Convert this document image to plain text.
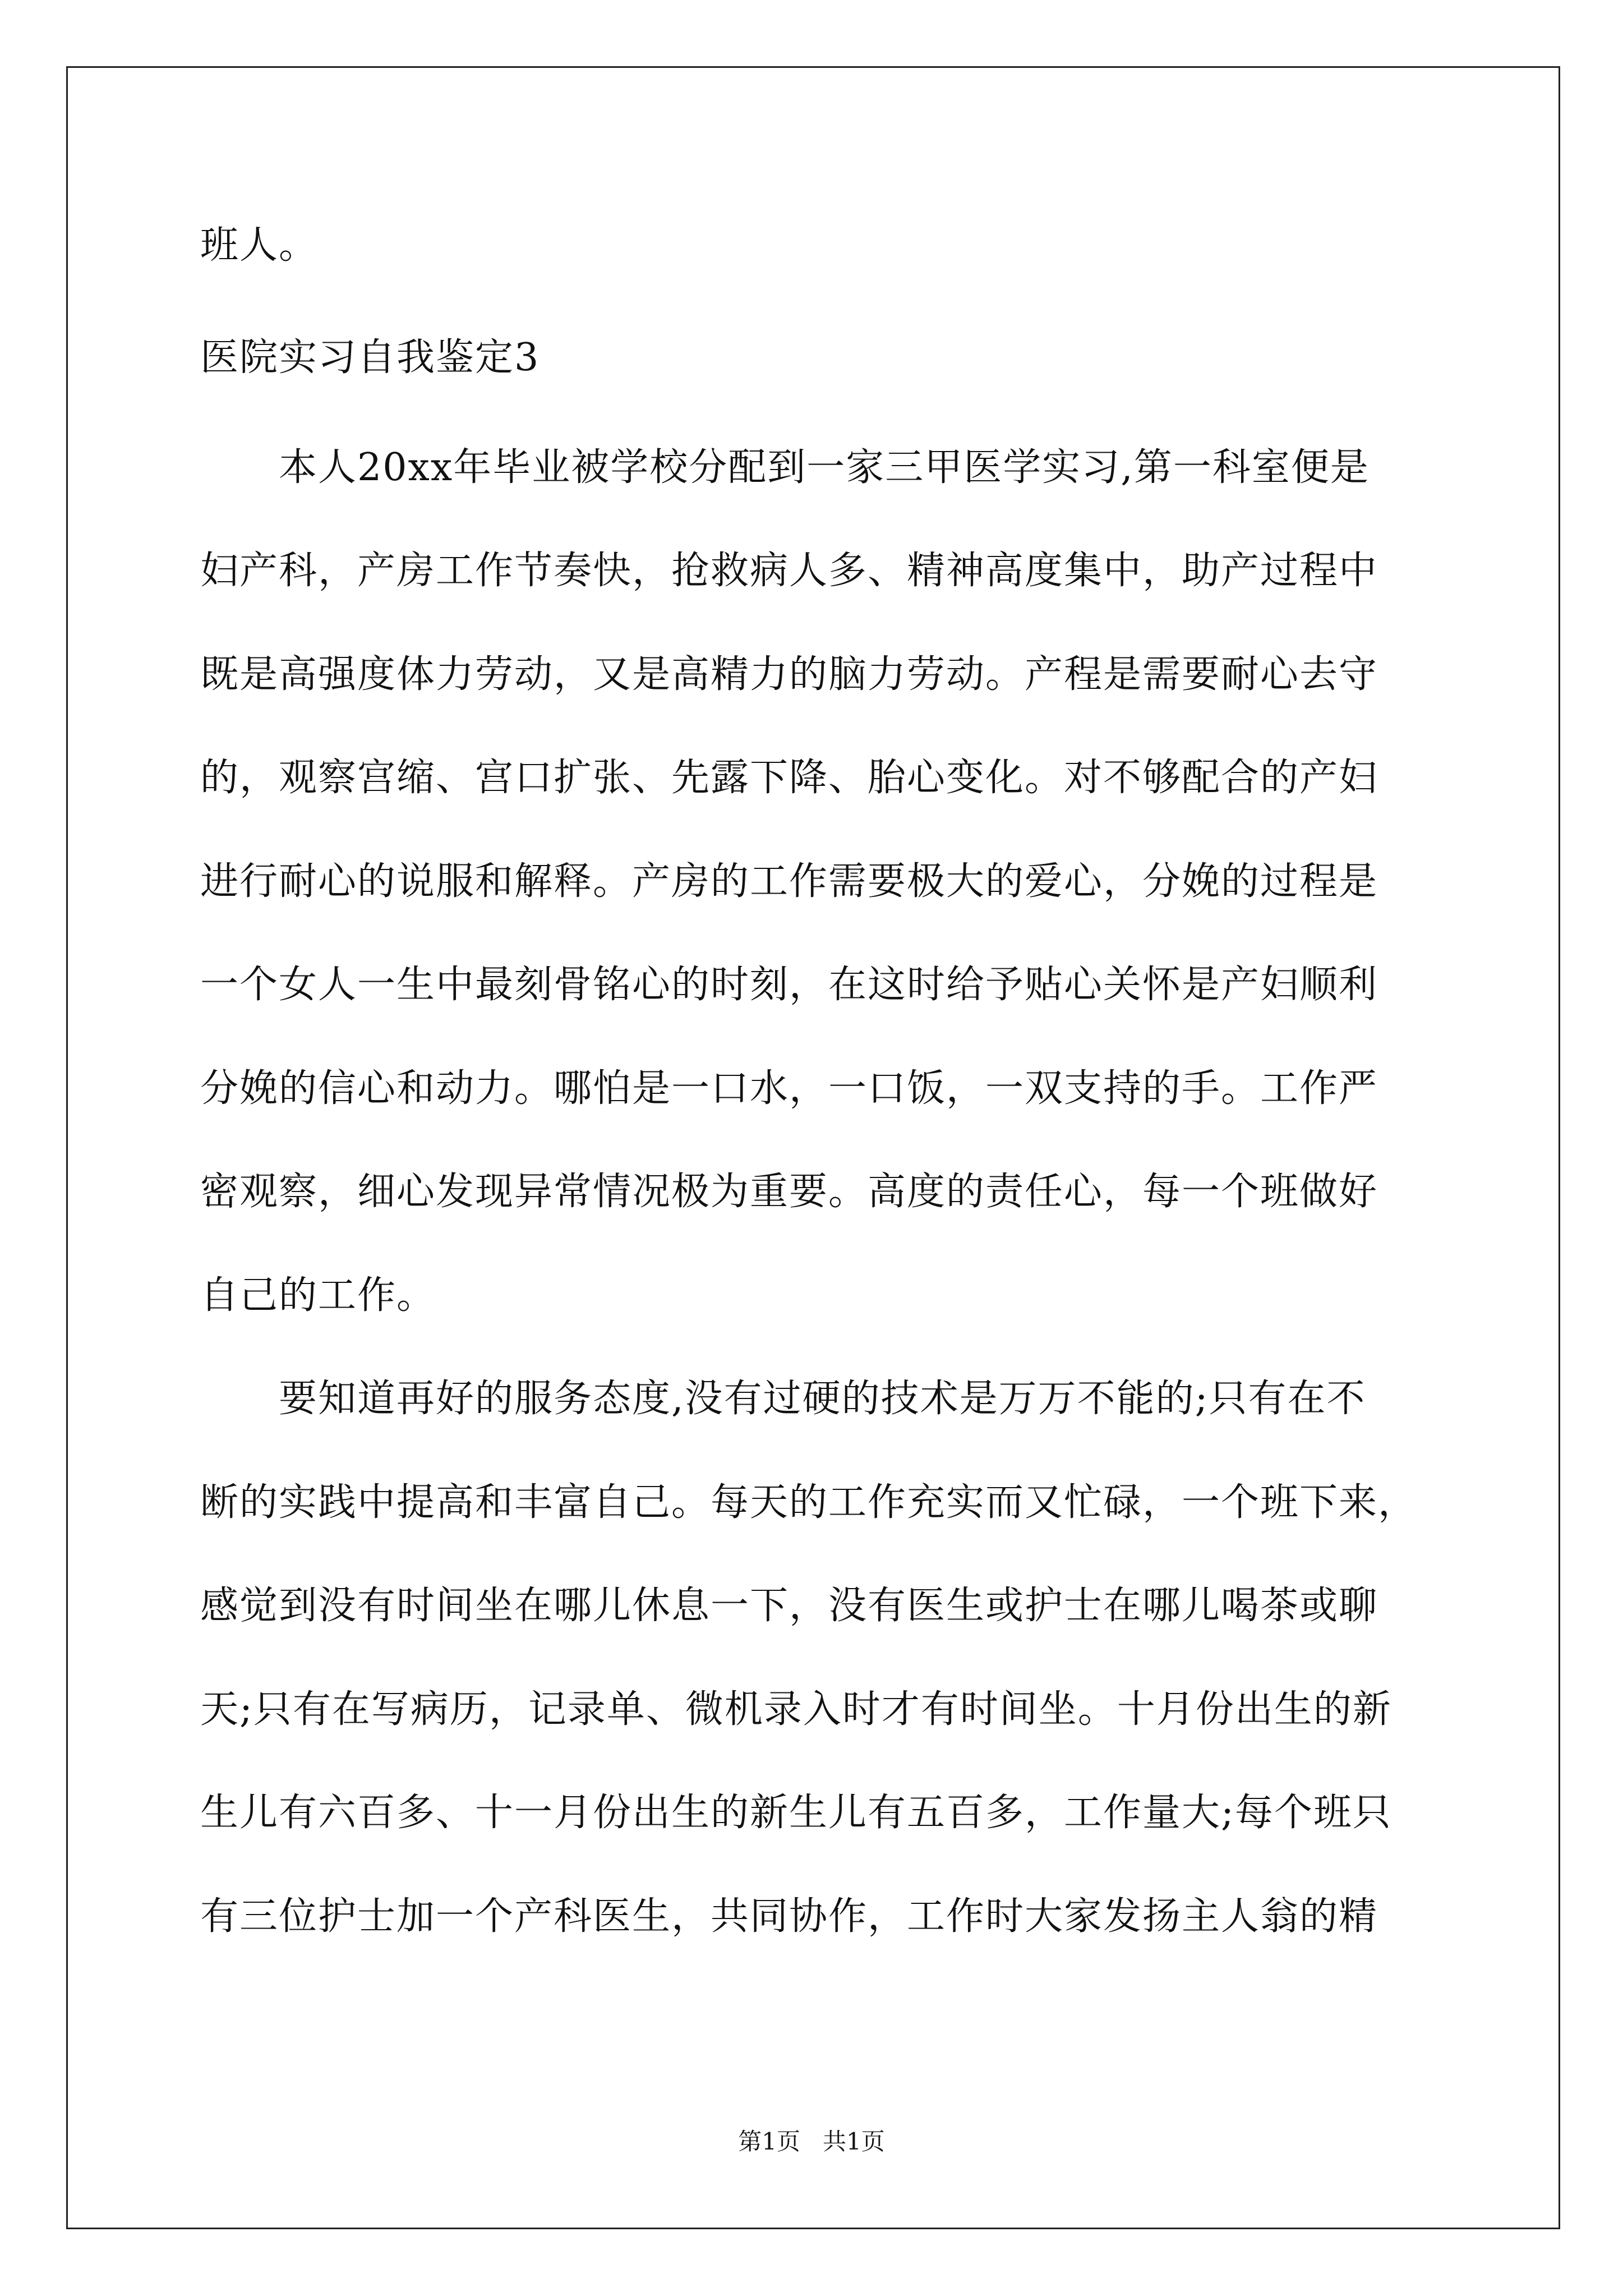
班人。
医院实习自我鉴定3
本人20xx年毕业被学校分配到一家三甲医学实习,第一科室便是
妇产科，产房工作节奏快，抢救病人多、精神高度集中，助产过程中
既是高强度体力劳动，又是高精力的脑力劳动。产程是需要耐心去守
的，观察宫缩、宫口扩张、先露下降、胎心变化。对不够配合的产妇
进行耐心的说服和解释。产房的工作需要极大的爱心，分娩的过程是
一个女人一生中最刻骨铭心的时刻，在这时给予贴心关怀是产妇顺利
分娩的信心和动力。哪怕是一口水，一口饭，一双支持的手。工作严
密观察，细心发现异常情况极为重要。高度的责任心，每一个班做好
自己的工作。
要知道再好的服务态度,没有过硬的技术是万万不能的;只有在不
断的实践中提高和丰富自己。每天的工作充实而又忙碌，一个班下来，
感觉到没有时间坐在哪儿休息一下，没有医生或护士在哪儿喝茶或聊
天;只有在写病历，记录单、微机录入时才有时间坐。十月份出生的新
生儿有六百多、十一月份出生的新生儿有五百多，工作量大;每个班只
有三位护士加一个产科医生，共同协作，工作时大家发扬主人翁的精
第1页   共1页
